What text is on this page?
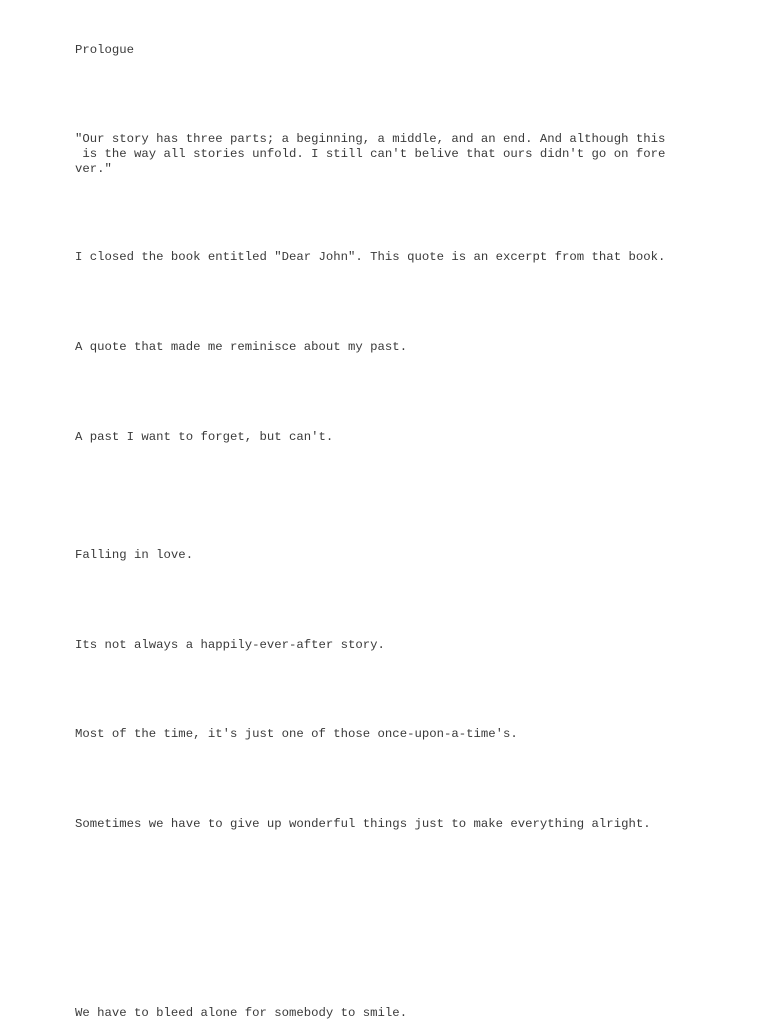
Prologue

"Our story has three parts; a beginning, a middle, and an end. And although this
is the way all stories unfold. I still can't belive that ours didn't go on fore
ver."

I closed the book entitled "Dear John". This quote is an excerpt from that book.

A quote that made me reminisce about my past.

A past I want to forget, but can't.

Falling in love.

Its not always a happily-ever-after story.

Most of the time, it's just one of those once-upon-a-time's.

Sometimes we have to give up wonderful things just to make everything alright.

We have to bleed alone for somebody to smile.
